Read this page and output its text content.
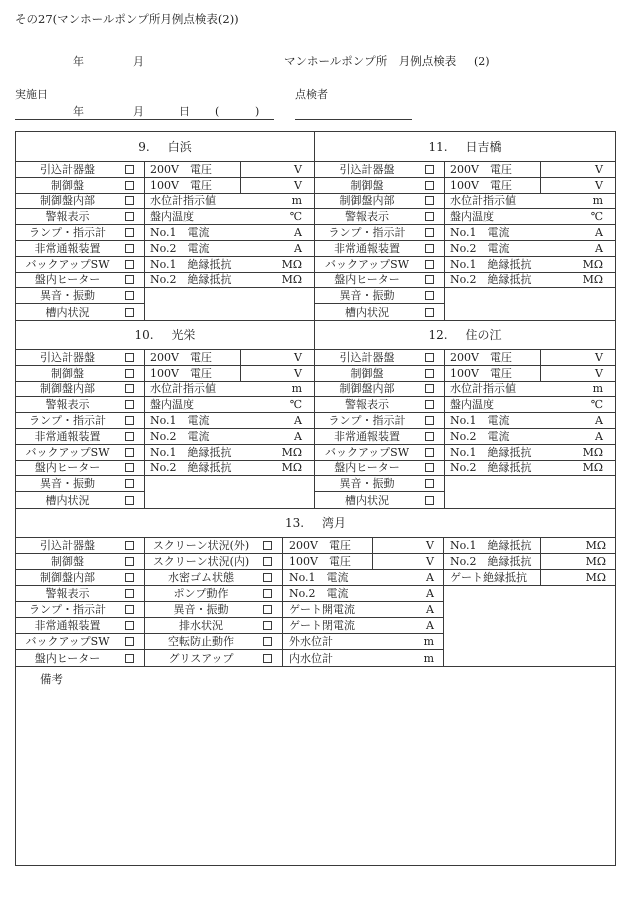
その27(マンホールポンプ所月例点検表(2))
年	月	マンホールポンプ所　月例点検表 (2)
実施日	点検者
年	月	日 (	)
備考
9. 白浜
引込計器盤	200V　電圧	V
制御盤	100V　電圧	V
制御盤内部	水位計指示値	m
警報表示	盤内温度	℃
ランプ・指示計	No.1　電流	A
非常通報装置	No.2　電流	A
バックアップSW	No.1　絶縁抵抗	MΩ
盤内ヒーター	No.2　絶縁抵抗	MΩ
異音・振動
槽内状況
11. 日吉橋
引込計器盤	200V　電圧	V
制御盤	100V　電圧	V
制御盤内部	水位計指示値	m
警報表示	盤内温度	℃
ランプ・指示計	No.1　電流	A
非常通報装置	No.2　電流	A
バックアップSW	No.1　絶縁抵抗	MΩ
盤内ヒーター	No.2　絶縁抵抗	MΩ
異音・振動
槽内状況
10. 光栄
引込計器盤	200V　電圧	V
制御盤	100V　電圧	V
制御盤内部	水位計指示値	m
警報表示	盤内温度	℃
ランプ・指示計	No.1　電流	A
非常通報装置	No.2　電流	A
バックアップSW	No.1　絶縁抵抗	MΩ
盤内ヒーター	No.2　絶縁抵抗	MΩ
異音・振動
槽内状況
12. 住の江
引込計器盤	200V　電圧	V
制御盤	100V　電圧	V
制御盤内部	水位計指示値	m
警報表示	盤内温度	℃
ランプ・指示計	No.1　電流	A
非常通報装置	No.2　電流	A
バックアップSW	No.1　絶縁抵抗	MΩ
盤内ヒーター	No.2　絶縁抵抗	MΩ
異音・振動
槽内状況
13. 湾月
引込計器盤	スクリーン状況(外)	200V　電圧	V	No.1　絶縁抵抗	MΩ
制御盤	スクリーン状況(内)	100V　電圧	V	No.2　絶縁抵抗	MΩ
制御盤内部	水密ゴム状態	No.1　電流	A	ゲート絶縁抵抗	MΩ
警報表示	ポンプ動作	No.2　電流	A
ランプ・指示計	異音・振動	ゲート開電流	A
非常通報装置	排水状況	ゲート閉電流	A
バックアップSW	空転防止動作	外水位計	m
盤内ヒーター	グリスアップ	内水位計	m
